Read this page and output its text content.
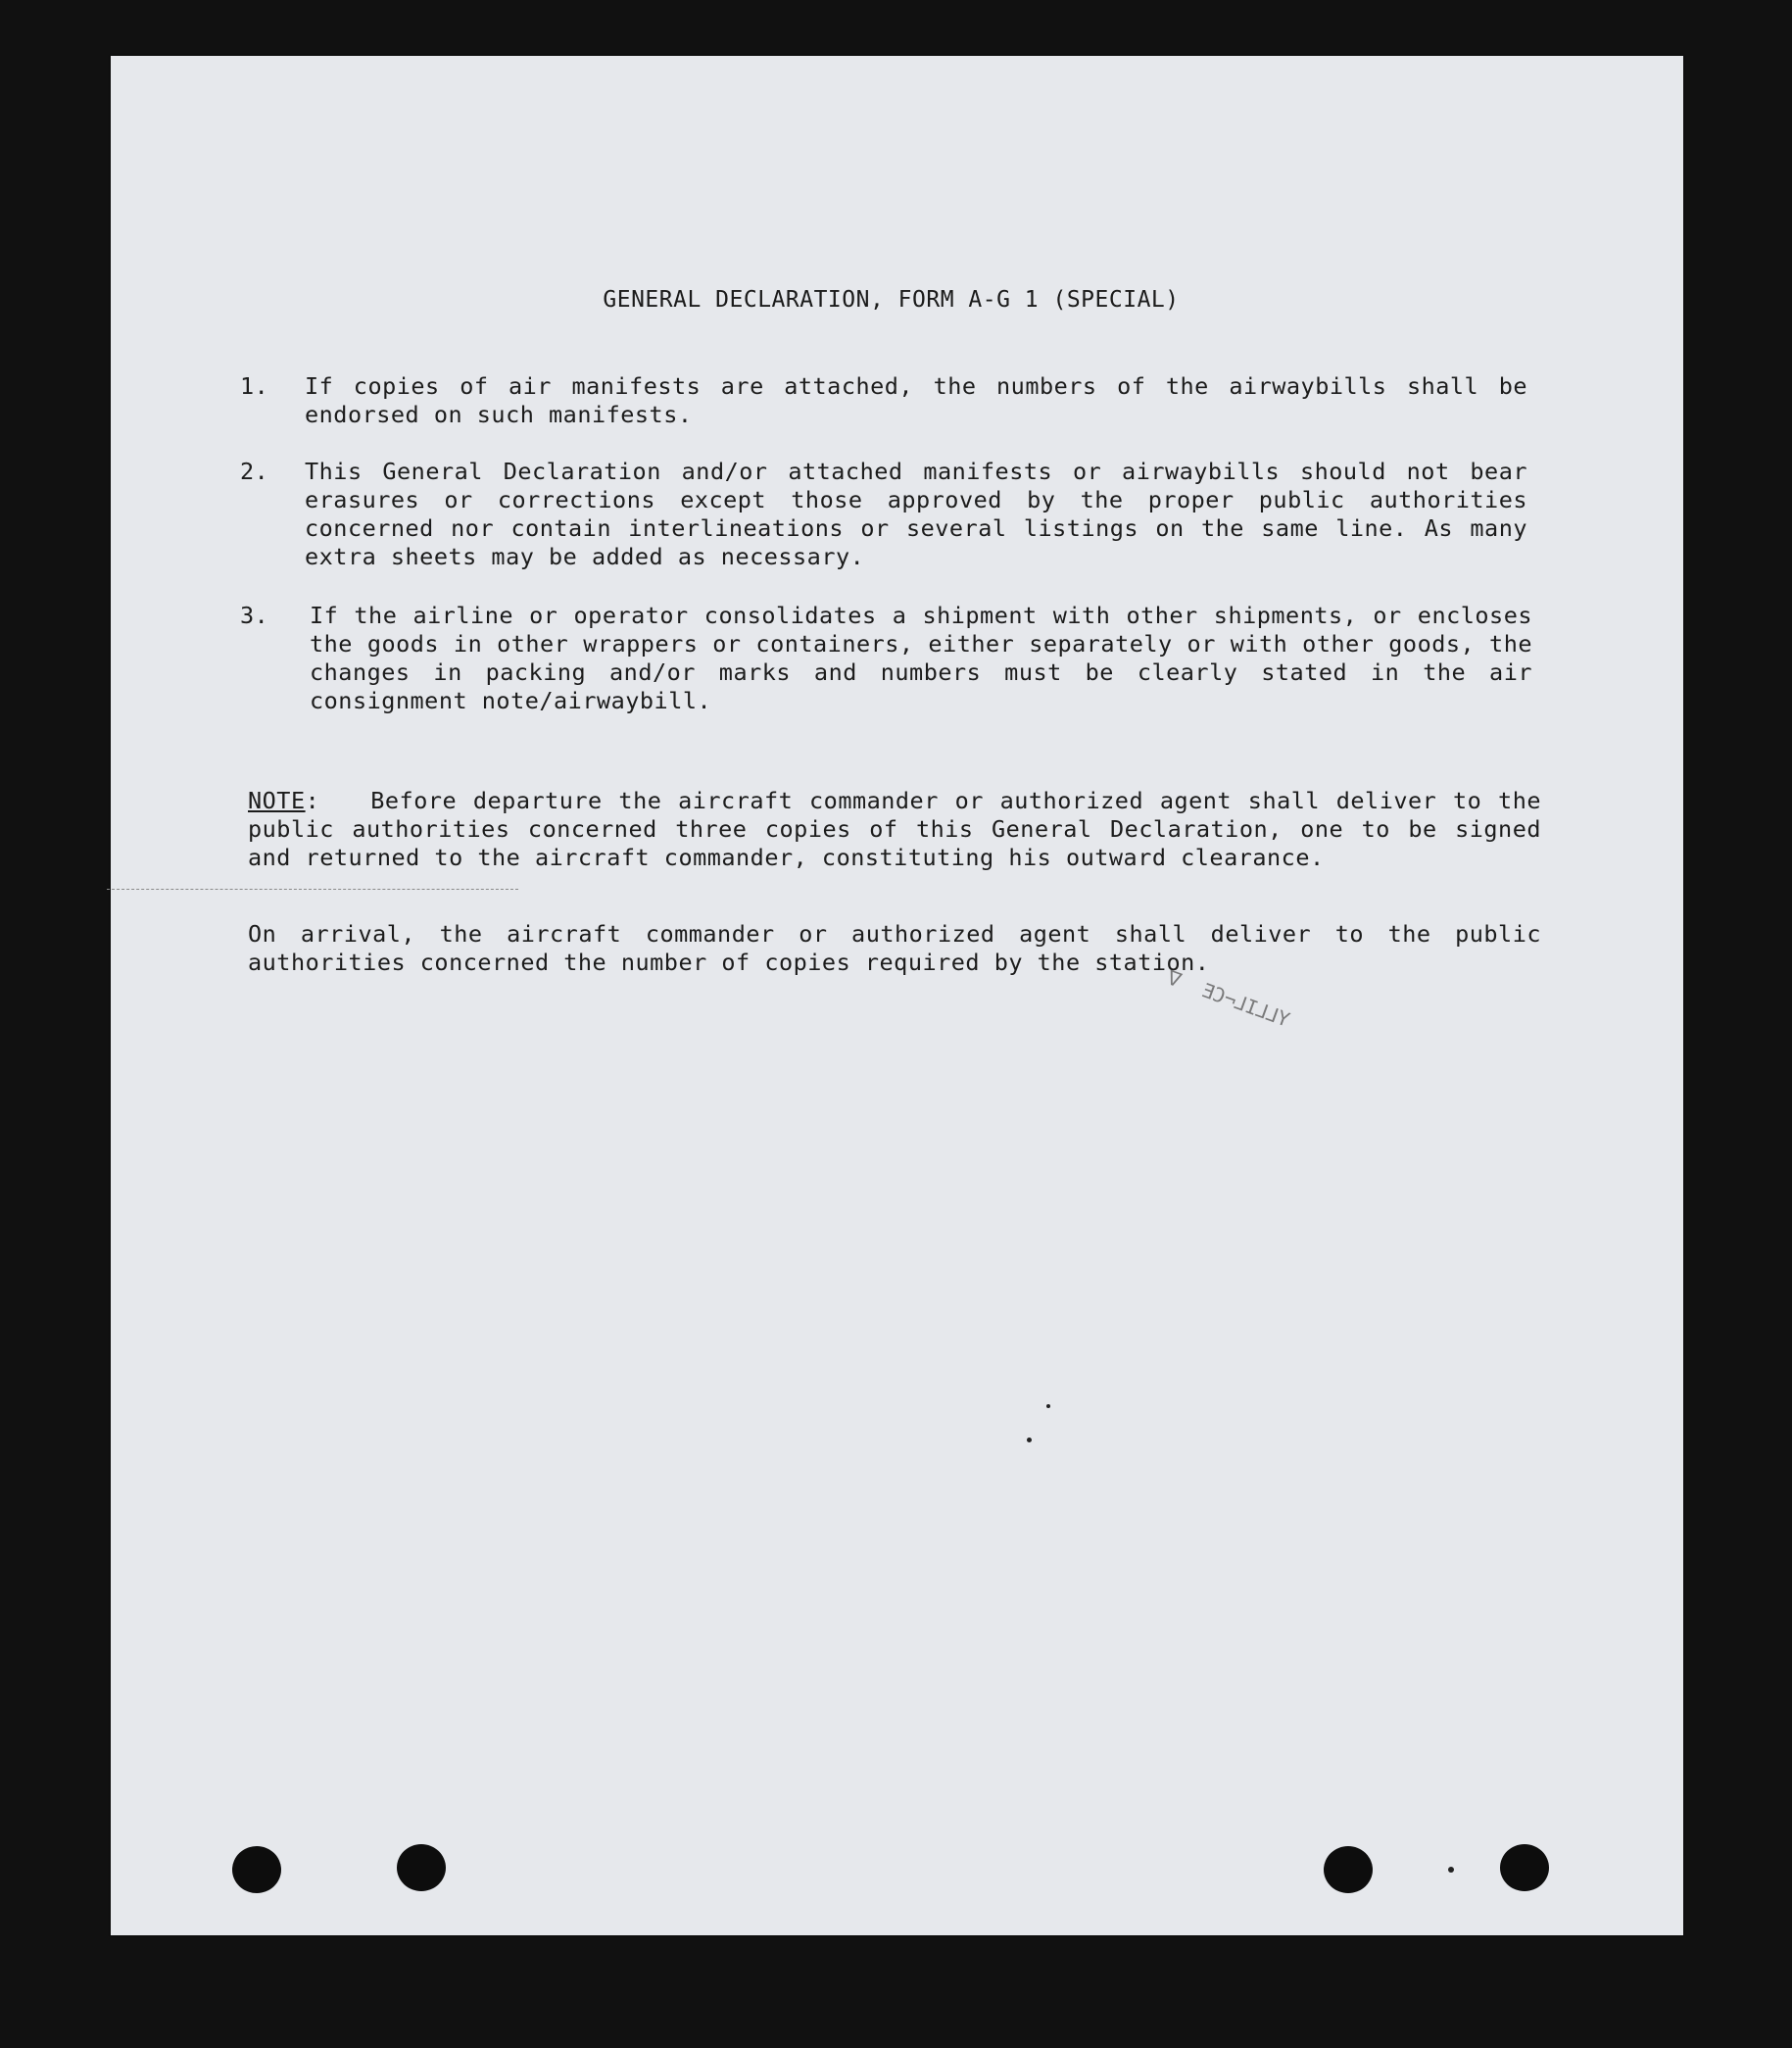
GENERAL DECLARATION, FORM A-G 1 (SPECIAL)
1.	If copies of air manifests are attached, the numbers of the airwaybills shall be endorsed on such manifests.
2.	This General Declaration and/or attached manifests or airwaybills should not bear erasures or corrections except those approved by the proper public authorities concerned nor contain interlineations or several listings on the same line. As many extra sheets may be added as necessary.
3.	If the airline or operator consolidates a shipment with other shipments, or encloses the goods in other wrappers or containers, either separately or with other goods, the changes in packing and/or marks and numbers must be clearly stated in the air consignment note/airwaybill.
NOTE: Before departure the aircraft commander or authorized agent shall deliver to the public authorities concerned three copies of this General Declaration, one to be signed and returned to the aircraft commander, constituting his outward clearance.
On arrival, the aircraft commander or authorized agent shall deliver to the public authorities concerned the number of copies required by the station.
ᐁ  ƎƆ¬⅃I⅃⅃Y
